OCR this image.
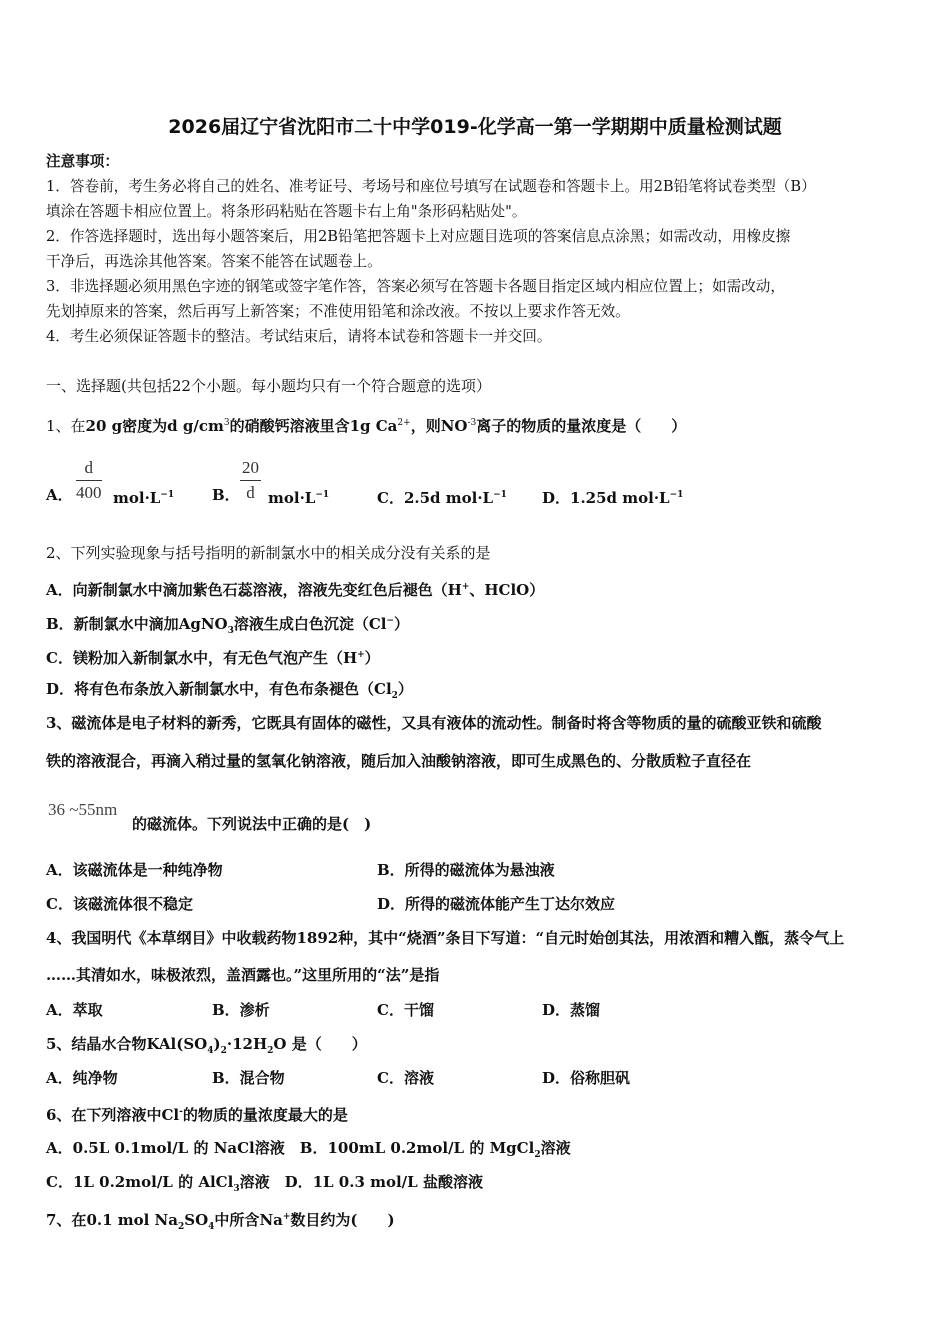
2026届辽宁省沈阳市二十中学019-化学高一第一学期期中质量检测试题
注意事项：
1．答卷前，考生务必将自己的姓名、准考证号、考场号和座位号填写在试题卷和答题卡上。用2B铅笔将试卷类型（B）
填涂在答题卡相应位置上。将条形码粘贴在答题卡右上角"条形码粘贴处"。
2．作答选择题时，选出每小题答案后，用2B铅笔把答题卡上对应题目选项的答案信息点涂黑；如需改动，用橡皮擦
干净后，再选涂其他答案。答案不能答在试题卷上。
3．非选择题必须用黑色字迹的钢笔或签字笔作答，答案必须写在答题卡各题目指定区域内相应位置上；如需改动，
先划掉原来的答案，然后再写上新答案；不准使用铅笔和涂改液。不按以上要求作答无效。
4．考生必须保证答题卡的整洁。考试结束后，请将本试卷和答题卡一并交回。
一、选择题(共包括22个小题。每小题均只有一个符合题意的选项）
1、在20 g密度为d $g/cm^3$的硝酸钙溶液里含1g $Ca^{2+}$，则$NO^{-3}$离子的物质的量浓度是（　　）
A． $\frac{d}{400} mol\cdot L^{-1}$	B． $\frac{20}{d} mol\cdot L^{-1}$	C．2.5d $mol\cdot L^{-1}$ D．1.25d $mol\cdot L^{-1}$
2、下列实验现象与括号指明的新制氯水中的相关成分没有关系的是
A．向新制氯水中滴加紫色石蕊溶液，溶液先变红色后褪色（H+、HClO）
B．新制氯水中滴加AgNO$_3$溶液生成白色沉淀（Cl−）
C．镁粉加入新制氯水中，有无色气泡产生（H+）
D．将有色布条放入新制氯水中，有色布条褪色$(Cl_2)$
3、磁流体是电子材料的新秀，它既具有固体的磁性，又具有液体的流动性。制备时将含等物质的量的硫酸亚铁和硫酸
铁的溶液混合，再滴入稍过量的氢氧化钠溶液，随后加入油酸钠溶液，即可生成黑色的、分散质粒子直径在
36 ~55nm
的磁流体。下列说法中正确的是(　)
A．该磁流体是一种纯净物	B．所得的磁流体为悬浊液
C．该磁流体很不稳定	D．所得的磁流体能产生丁达尔效应
4、我国明代《本草纲目》中收载药物1892种，其中“烧酒”条目下写道：“自元时始创其法，用浓酒和糟入甑，蒸令气上
……其清如水，味极浓烈，盖酒露也。”这里所用的“法”是指
A．萃取	B．渗析	C．干馏	D．蒸馏
5、结晶水合物$KAl(SO_4)_2\cdot 12H_2O$ 是（　　）
A．纯净物	B．混合物	C．溶液	D．俗称胆矾
6、在下列溶液中Cl-的物质的量浓度最大的是
A．0.5L 0.1mol/L 的 NaCl溶液　B．100mL 0.2mol/L 的 MgCl$_2$溶液
C．1L 0.2mol/L 的 AlCl$_3$溶液　D．1L 0.3 mol/L 盐酸溶液
7、在0.1 mol $Na_2SO_4$中所含Na+数目约为(　　)
